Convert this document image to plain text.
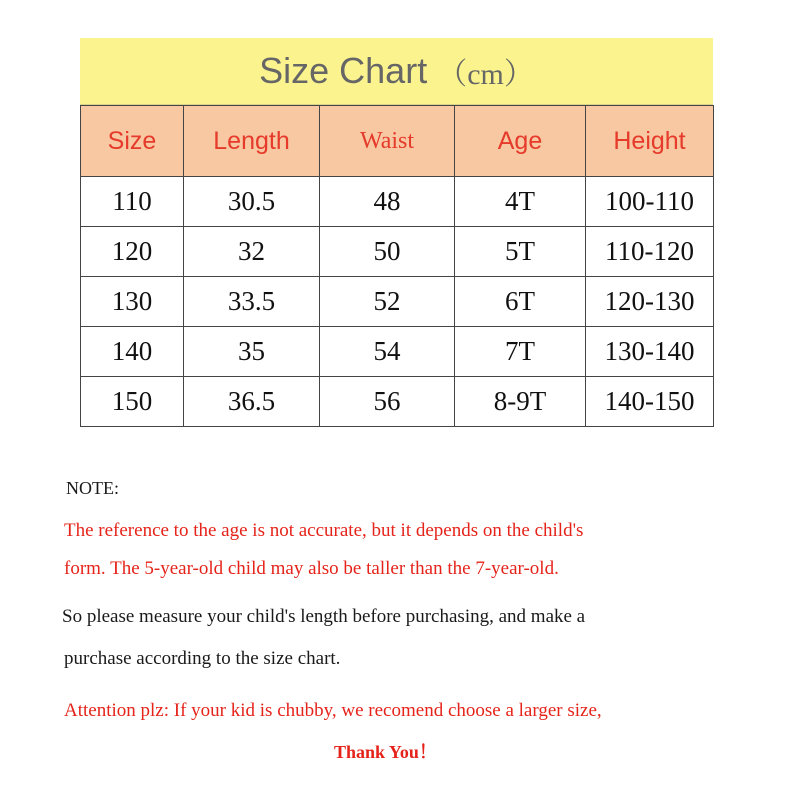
Size Chart （cm）
Size	Length	Waist	Age	Height
110	30.5	48	4T	100-110
120	32	50	5T	110-120
130	33.5	52	6T	120-130
140	35	54	7T	130-140
150	36.5	56	8-9T	140-150
NOTE:
The reference to the age is not accurate, but it depends on the child's
form. The 5-year-old child may also be taller than the 7-year-old.
So please measure your child's length before purchasing, and make a
purchase according to the size chart.
Attention plz: If your kid is chubby, we recomend choose a larger size,
Thank You！
